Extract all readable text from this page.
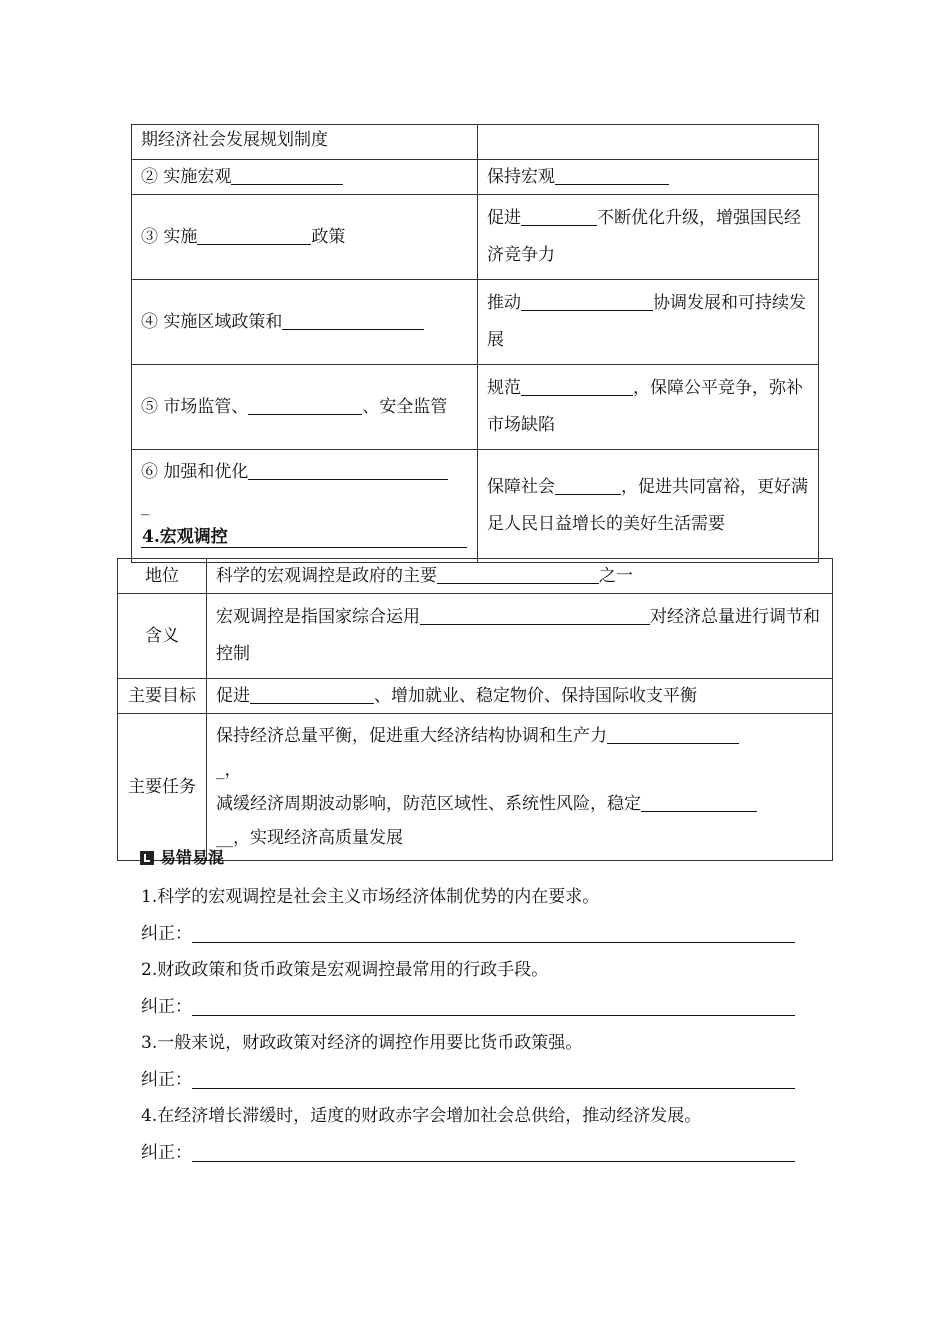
期经济社会发展规划制度	
② 实施宏观	保持宏观
③ 实施 政策	促进 不断优化升级，增强国民经济竞争力
④ 实施区域政策和	推动 协调发展和可持续发展
⑤ 市场监管、 、安全监管	规范 ，保障公平竞争，弥补市场缺陷
⑥ 加强和优化
_	保障社会 ，促进共同富裕，更好满足人民日益增长的美好生活需要
4.宏观调控
地位	科学的宏观调控是政府的主要 之一
含义	宏观调控是指国家综合运用 对经济总量进行调节和控制
主要目标	促进 、增加就业、稳定物价、保持国际收支平衡
主要任务	保持经济总量平衡，促进重大经济结构协调和生产力
_，
减缓经济周期波动影响，防范区域性、系统性风险，稳定
__，实现经济高质量发展
易错易混
1.科学的宏观调控是社会主义市场经济体制优势的内在要求。
纠正：
2.财政政策和货币政策是宏观调控最常用的行政手段。
纠正：
3.一般来说，财政政策对经济的调控作用要比货币政策强。
纠正：
4.在经济增长滞缓时，适度的财政赤字会增加社会总供给，推动经济发展。
纠正：
